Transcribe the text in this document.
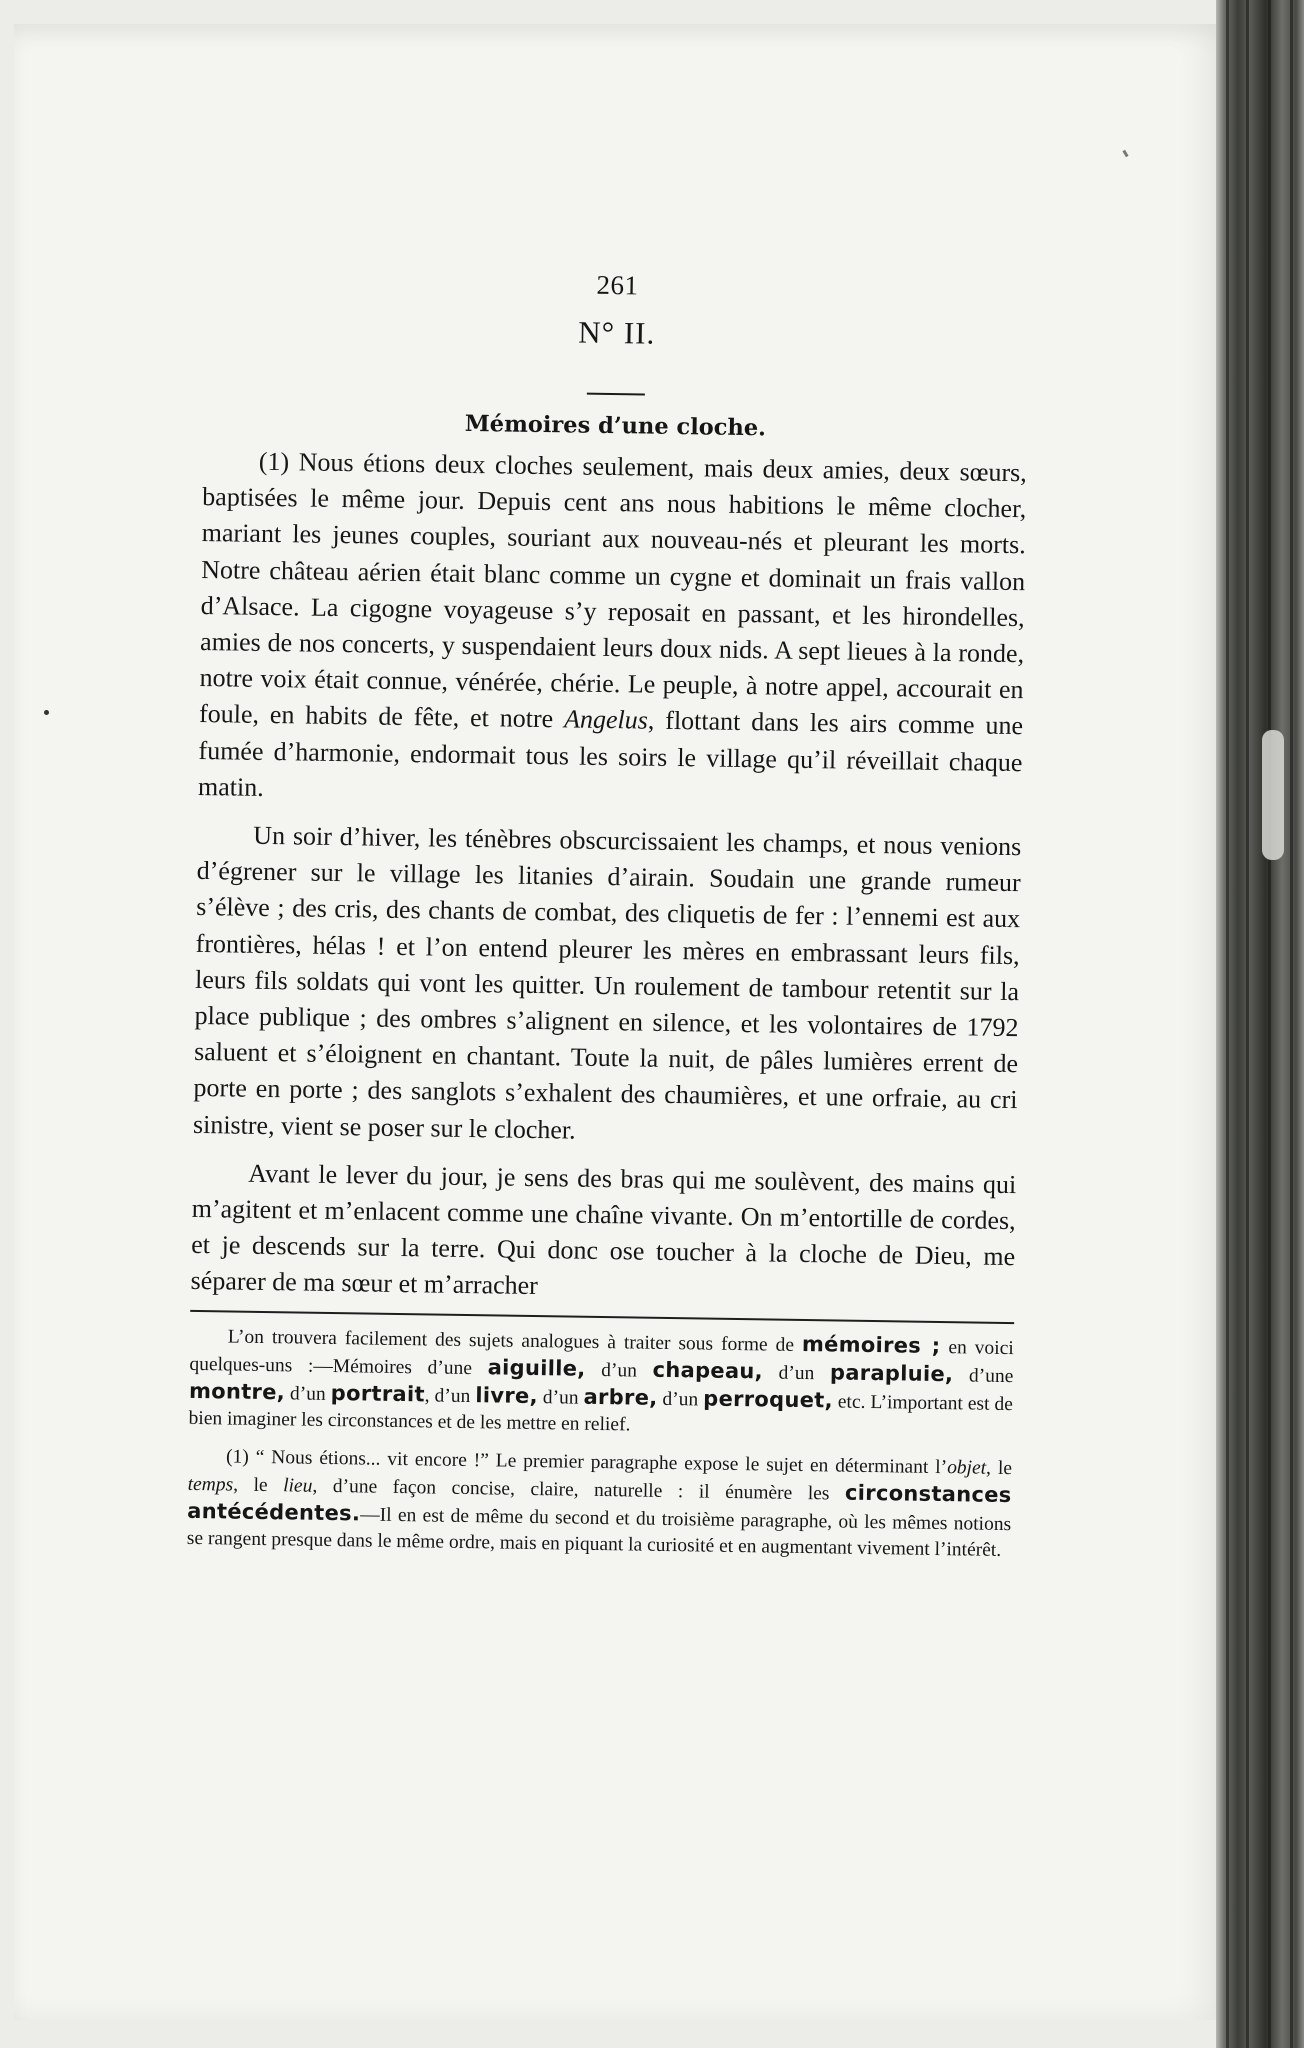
261
N° II.
Mémoires d’une cloche.

(1) Nous étions deux cloches seulement, mais deux amies, deux sœurs, baptisées le même jour. Depuis cent ans nous habitions le même clocher, mariant les jeunes couples, souriant aux nouveau-nés et pleurant les morts. Notre château aérien était blanc comme un cygne et dominait un frais vallon d’Alsace. La cigogne voyageuse s’y reposait en passant, et les hirondelles, amies de nos concerts, y suspendaient leurs doux nids. A sept lieues à la ronde, notre voix était connue, vénérée, chérie. Le peuple, à notre appel, accourait en foule, en habits de fête, et notre Angelus, flottant dans les airs comme une fumée d’harmonie, endormait tous les soirs le village qu’il réveillait chaque matin.

Un soir d’hiver, les ténèbres obscurcissaient les champs, et nous venions d’égrener sur le village les litanies d’airain. Soudain une grande rumeur s’élève ; des cris, des chants de combat, des cliquetis de fer : l’ennemi est aux frontières, hélas ! et l’on entend pleurer les mères en embrassant leurs fils, leurs fils soldats qui vont les quitter. Un roulement de tambour retentit sur la place publique ; des ombres s’alignent en silence, et les volontaires de 1792 saluent et s’éloignent en chantant. Toute la nuit, de pâles lumières errent de porte en porte ; des sanglots s’exhalent des chaumières, et une orfraie, au cri sinistre, vient se poser sur le clocher.

Avant le lever du jour, je sens des bras qui me soulèvent, des mains qui m’agitent et m’enlacent comme une chaîne vivante. On m’entortille de cordes, et je descends sur la terre. Qui donc ose toucher à la cloche de Dieu, me séparer de ma sœur et m’arracher

L’on trouvera facilement des sujets analogues à traiter sous forme de mémoires ; en voici quelques-uns :—Mémoires d’une aiguille, d’un chapeau, d’un parapluie, d’une montre, d’un portrait, d’un livre, d’un arbre, d’un perroquet, etc. L’important est de bien imaginer les circonstances et de les mettre en relief.

(1) “ Nous étions... vit encore !” Le premier paragraphe expose le sujet en déterminant l’objet, le temps, le lieu, d’une façon concise, claire, naturelle : il énumère les circonstances antécédentes.—Il en est de même du second et du troisième paragraphe, où les mêmes notions se rangent presque dans le même ordre, mais en piquant la curiosité et en augmentant vivement l’intérêt.
